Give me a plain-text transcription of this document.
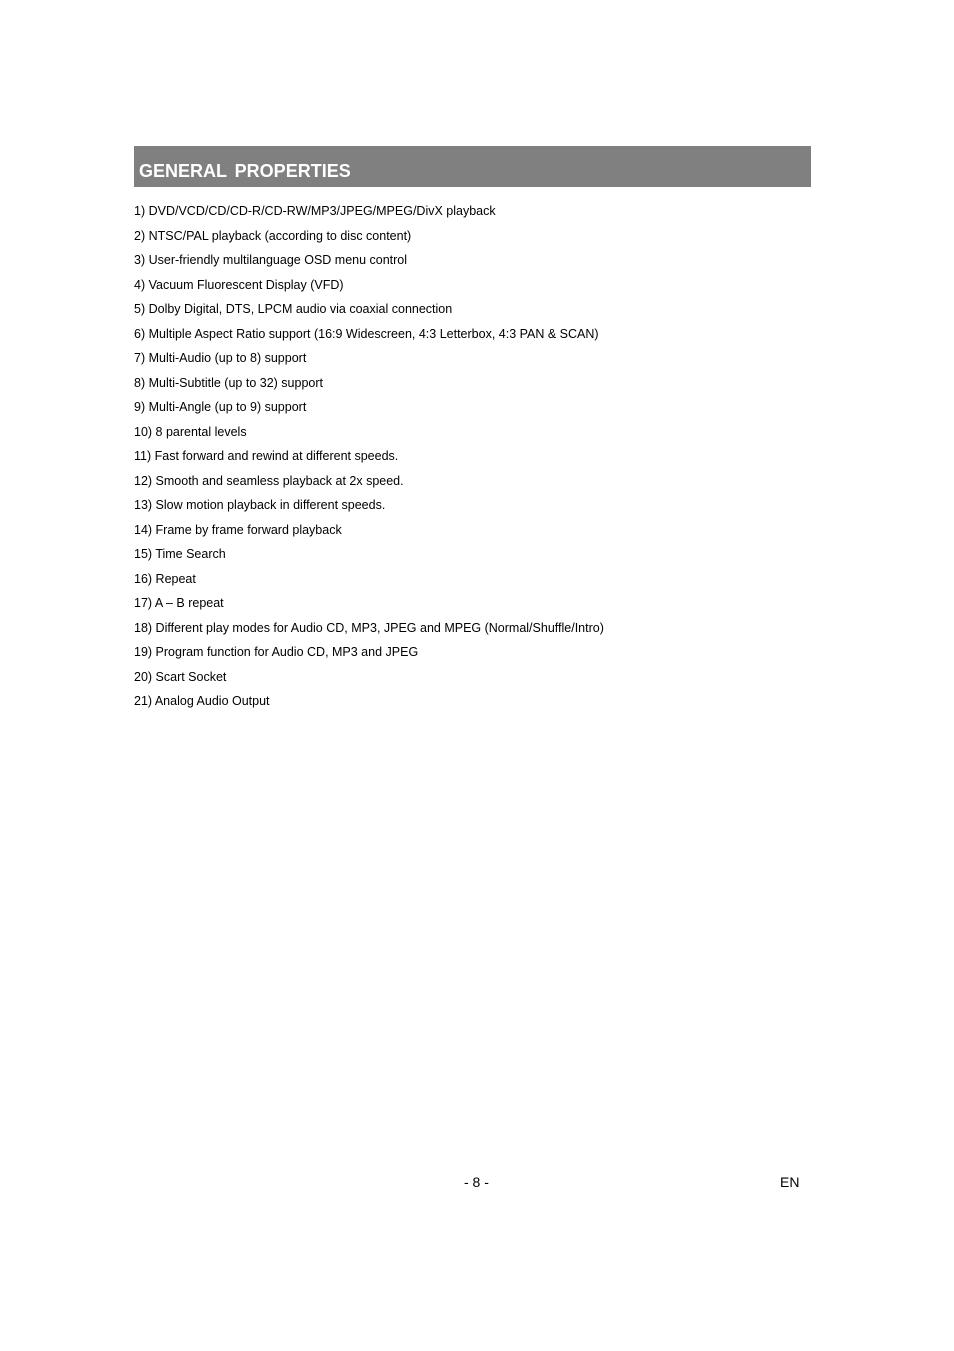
GENERAL PROPERTIES
1) DVD/VCD/CD/CD-R/CD-RW/MP3/JPEG/MPEG/DivX playback
2) NTSC/PAL playback (according to disc content)
3) User-friendly multilanguage OSD menu control
4) Vacuum Fluorescent Display (VFD)
5) Dolby Digital, DTS, LPCM audio via coaxial connection
6) Multiple Aspect Ratio support (16:9 Widescreen, 4:3 Letterbox, 4:3 PAN & SCAN)
7) Multi-Audio (up to 8) support
8) Multi-Subtitle (up to 32) support
9) Multi-Angle (up to 9) support
10) 8 parental levels
11) Fast forward and rewind at different speeds.
12) Smooth and seamless playback at 2x speed.
13) Slow motion playback in different speeds.
14) Frame by frame forward playback
15) Time Search
16) Repeat
17) A – B repeat
18) Different play modes for Audio CD, MP3, JPEG and MPEG (Normal/Shuffle/Intro)
19) Program function for Audio CD, MP3 and JPEG
20) Scart Socket
21) Analog Audio Output
- 8 -	EN
